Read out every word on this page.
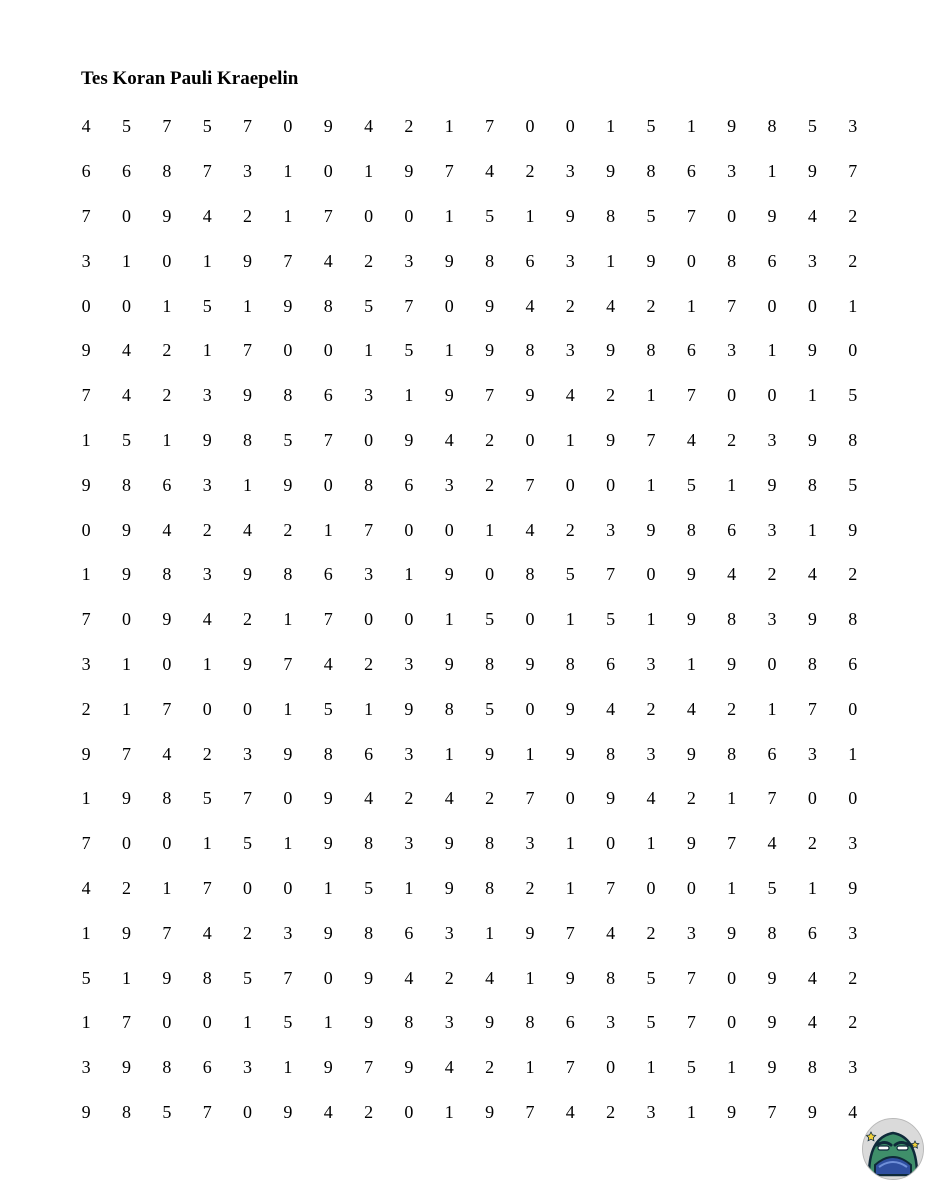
Tes Koran Pauli Kraepelin
4	5	7	5	7	0	9	4	2	1	7	0	0	1	5	1	9	8	5	3
6	6	8	7	3	1	0	1	9	7	4	2	3	9	8	6	3	1	9	7
7	0	9	4	2	1	7	0	0	1	5	1	9	8	5	7	0	9	4	2
3	1	0	1	9	7	4	2	3	9	8	6	3	1	9	0	8	6	3	2
0	0	1	5	1	9	8	5	7	0	9	4	2	4	2	1	7	0	0	1
9	4	2	1	7	0	0	1	5	1	9	8	3	9	8	6	3	1	9	0
7	4	2	3	9	8	6	3	1	9	7	9	4	2	1	7	0	0	1	5
1	5	1	9	8	5	7	0	9	4	2	0	1	9	7	4	2	3	9	8
9	8	6	3	1	9	0	8	6	3	2	7	0	0	1	5	1	9	8	5
0	9	4	2	4	2	1	7	0	0	1	4	2	3	9	8	6	3	1	9
1	9	8	3	9	8	6	3	1	9	0	8	5	7	0	9	4	2	4	2
7	0	9	4	2	1	7	0	0	1	5	0	1	5	1	9	8	3	9	8
3	1	0	1	9	7	4	2	3	9	8	9	8	6	3	1	9	0	8	6
2	1	7	0	0	1	5	1	9	8	5	0	9	4	2	4	2	1	7	0
9	7	4	2	3	9	8	6	3	1	9	1	9	8	3	9	8	6	3	1
1	9	8	5	7	0	9	4	2	4	2	7	0	9	4	2	1	7	0	0
7	0	0	1	5	1	9	8	3	9	8	3	1	0	1	9	7	4	2	3
4	2	1	7	0	0	1	5	1	9	8	2	1	7	0	0	1	5	1	9
1	9	7	4	2	3	9	8	6	3	1	9	7	4	2	3	9	8	6	3
5	1	9	8	5	7	0	9	4	2	4	1	9	8	5	7	0	9	4	2
1	7	0	0	1	5	1	9	8	3	9	8	6	3	5	7	0	9	4	2
3	9	8	6	3	1	9	7	9	4	2	1	7	0	1	5	1	9	8	3
9	8	5	7	0	9	4	2	0	1	9	7	4	2	3	1	9	7	9	4
